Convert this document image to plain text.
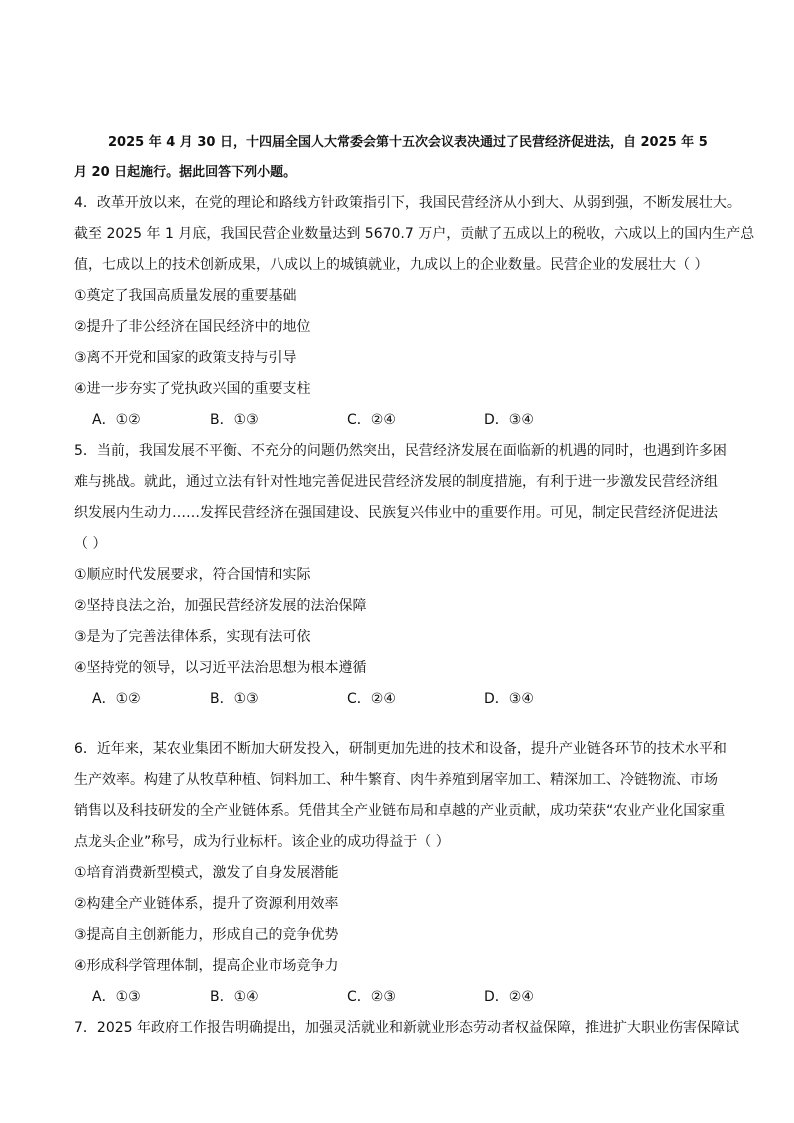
2025 年 4 月 30 日，十四届全国人大常委会第十五次会议表决通过了民营经济促进法，自 2025 年 5
月 20 日起施行。据此回答下列小题。
4．改革开放以来，在党的理论和路线方针政策指引下，我国民营经济从小到大、从弱到强，不断发展壮大。
截至 2025 年 1 月底，我国民营企业数量达到 5670.7 万户，贡献了五成以上的税收，六成以上的国内生产总
值，七成以上的技术创新成果，八成以上的城镇就业，九成以上的企业数量。民营企业的发展壮大（ ）
①奠定了我国高质量发展的重要基础
②提升了非公经济在国民经济中的地位
③离不开党和国家的政策支持与引导
④进一步夯实了党执政兴国的重要支柱
A．①②	B．①③	C．②④	D．③④
5．当前，我国发展不平衡、不充分的问题仍然突出，民营经济发展在面临新的机遇的同时，也遇到许多困
难与挑战。就此，通过立法有针对性地完善促进民营经济发展的制度措施，有利于进一步激发民营经济组
织发展内生动力……发挥民营经济在强国建设、民族复兴伟业中的重要作用。可见，制定民营经济促进法
（ ）
①顺应时代发展要求，符合国情和实际
②坚持良法之治，加强民营经济发展的法治保障
③是为了完善法律体系，实现有法可依
④坚持党的领导，以习近平法治思想为根本遵循
A．①②	B．①③	C．②④	D．③④
6．近年来，某农业集团不断加大研发投入，研制更加先进的技术和设备，提升产业链各环节的技术水平和
生产效率。构建了从牧草种植、饲料加工、种牛繁育、肉牛养殖到屠宰加工、精深加工、冷链物流、市场
销售以及科技研发的全产业链体系。凭借其全产业链布局和卓越的产业贡献，成功荣获“农业产业化国家重
点龙头企业”称号，成为行业标杆。该企业的成功得益于（ ）
①培育消费新型模式，激发了自身发展潜能
②构建全产业链体系，提升了资源利用效率
③提高自主创新能力，形成自己的竞争优势
④形成科学管理体制，提高企业市场竞争力
A．①③	B．①④	C．②③	D．②④
7．2025 年政府工作报告明确提出，加强灵活就业和新就业形态劳动者权益保障，推进扩大职业伤害保障试
